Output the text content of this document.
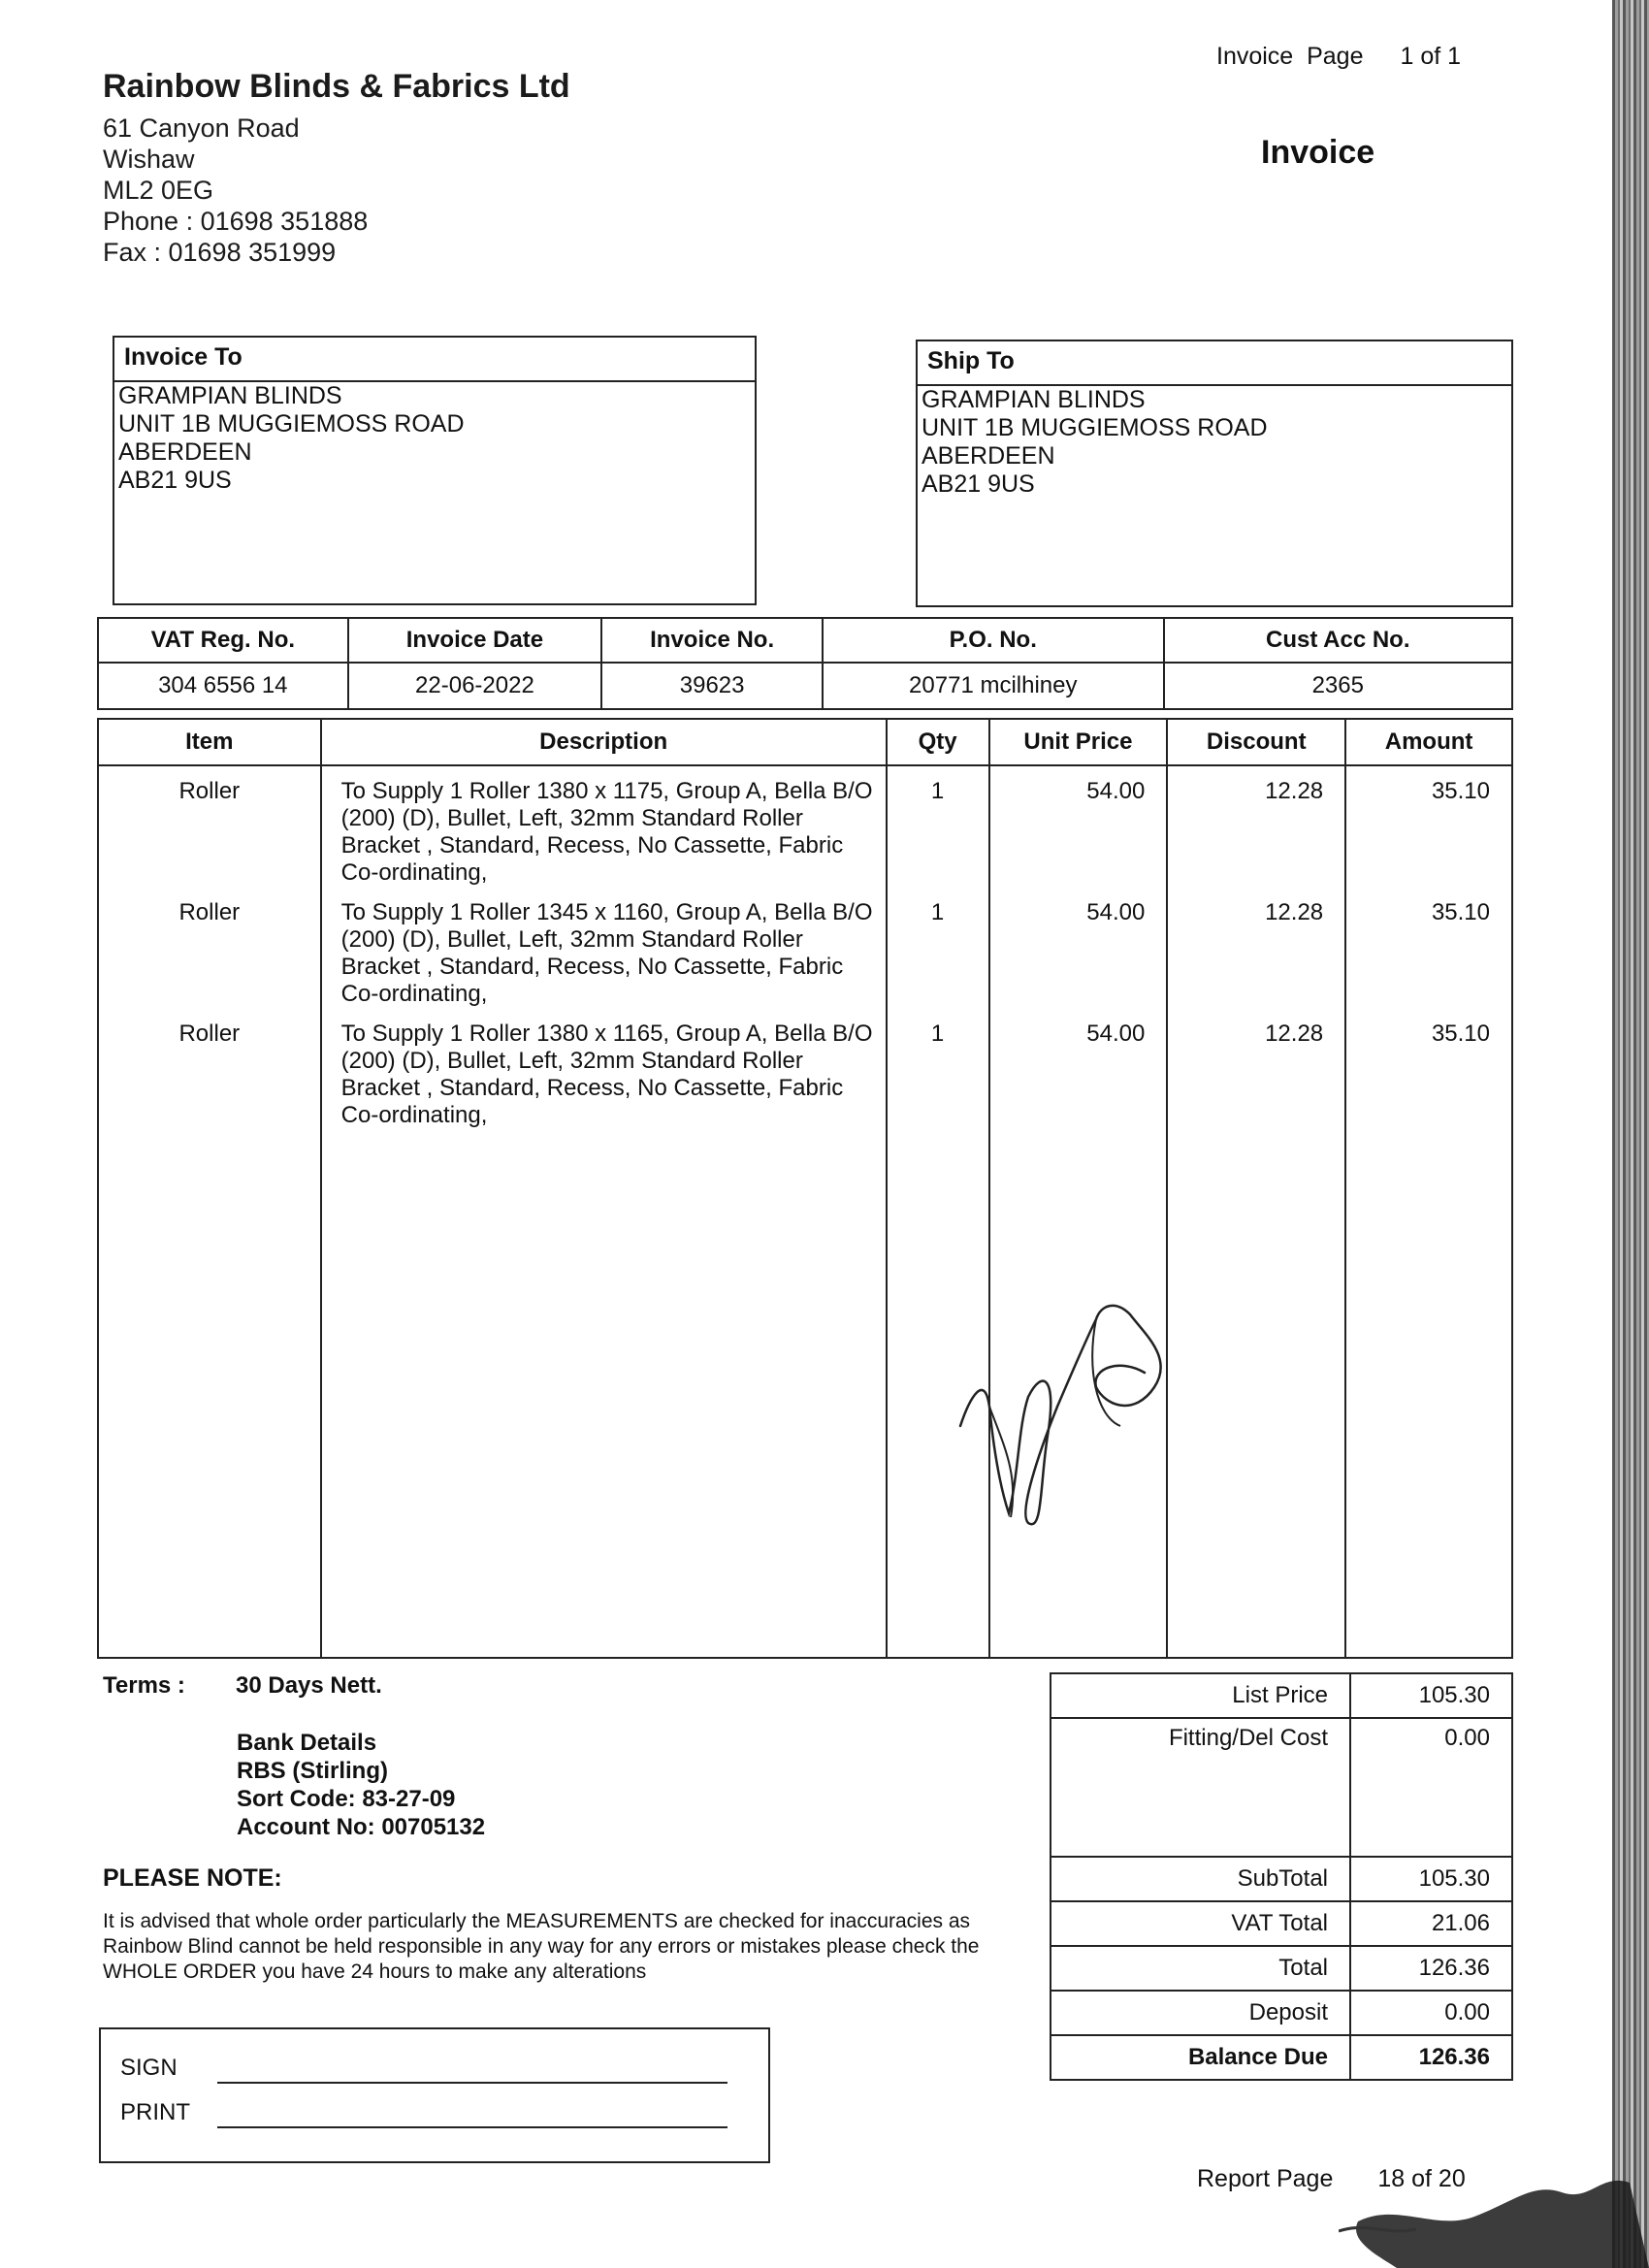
Rainbow Blinds & Fabrics Ltd
61 Canyon Road
Wishaw
ML2 0EG
Phone : 01698 351888
Fax : 01698 351999
Invoice  Page 1 of 1
Invoice
Invoice To
GRAMPIAN BLINDS
UNIT 1B MUGGIEMOSS ROAD
ABERDEEN
AB21 9US
Ship To
GRAMPIAN BLINDS
UNIT 1B MUGGIEMOSS ROAD
ABERDEEN
AB21 9US
VAT Reg. No.	Invoice Date	Invoice No.	P.O. No.	Cust Acc No.
304 6556 14	22-06-2022	39623	20771 mcilhiney	2365
Item	Description	Qty	Unit Price	Discount	Amount
Roller	To Supply 1 Roller 1380 x 1175, Group A, Bella B/O (200) (D), Bullet, Left, 32mm Standard Roller Bracket , Standard, Recess, No Cassette, Fabric Co-ordinating,	1	54.00	12.28	35.10
Roller	To Supply 1 Roller 1345 x 1160, Group A, Bella B/O (200) (D), Bullet, Left, 32mm Standard Roller Bracket , Standard, Recess, No Cassette, Fabric Co-ordinating,	1	54.00	12.28	35.10
Roller	To Supply 1 Roller 1380 x 1165, Group A, Bella B/O (200) (D), Bullet, Left, 32mm Standard Roller Bracket , Standard, Recess, No Cassette, Fabric Co-ordinating,	1	54.00	12.28	35.10

Terms : 30 Days Nett.
Bank Details
RBS (Stirling)
Sort Code: 83-27-09
Account No: 00705132
PLEASE NOTE:
It is advised that whole order particularly the MEASUREMENTS are checked for inaccuracies as Rainbow Blind cannot be held responsible in any way for any errors or mistakes please check the WHOLE ORDER you have 24 hours to make any alterations
SIGN
PRINT
List Price	105.30
Fitting/Del Cost	0.00
SubTotal	105.30
VAT Total	21.06
Total	126.36
Deposit	0.00
Balance Due	126.36
Report Page 18 of 20
